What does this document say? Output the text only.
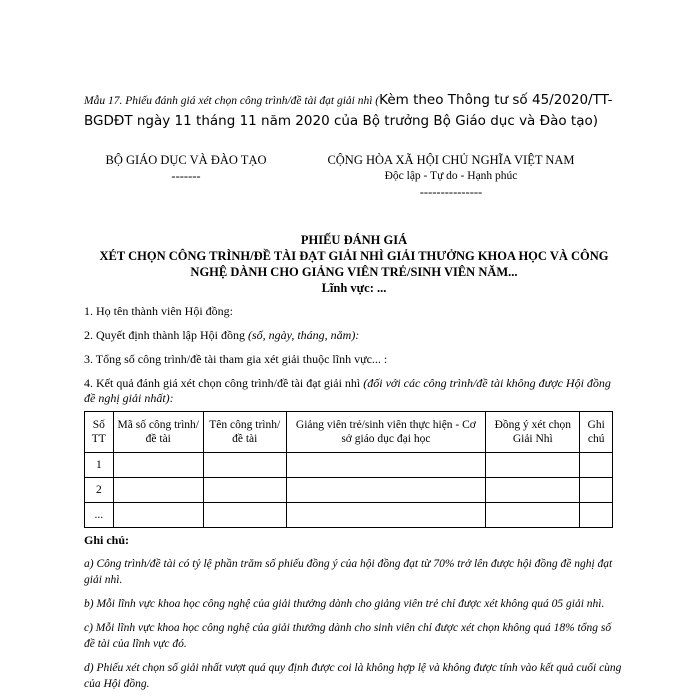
Mẫu 17. Phiếu đánh giá xét chọn công trình/đề tài đạt giải nhì (Kèm theo Thông tư số 45/2020/TT-BGDĐT ngày 11 tháng 11 năm 2020 của Bộ trưởng Bộ Giáo dục và Đào tạo)
BỘ GIÁO DỤC VÀ ĐÀO TẠO
-------
CỘNG HÒA XÃ HỘI CHỦ NGHĨA VIỆT NAM
Độc lập - Tự do - Hạnh phúc
---------------
PHIẾU ĐÁNH GIÁ
XÉT CHỌN CÔNG TRÌNH/ĐỀ TÀI ĐẠT GIẢI NHÌ GIẢI THƯỞNG KHOA HỌC VÀ CÔNG NGHỆ DÀNH CHO GIẢNG VIÊN TRẺ/SINH VIÊN NĂM...
Lĩnh vực: ...
1. Họ tên thành viên Hội đồng:
2. Quyết định thành lập Hội đồng (số, ngày, tháng, năm):
3. Tổng số công trình/đề tài tham gia xét giải thuộc lĩnh vực... :
4. Kết quả đánh giá xét chọn công trình/đề tài đạt giải nhì (đối với các công trình/đề tài không được Hội đồng đề nghị giải nhất):
Số TT	Mã số công trình/đề tài	Tên công trình/đề tài	Giảng viên trẻ/sinh viên thực hiện - Cơ sở giáo dục đại học	Đồng ý xét chọn Giải Nhì	Ghi chú
1					
2					
...					
Ghi chú:

a) Công trình/đề tài có tỷ lệ phần trăm số phiếu đồng ý của hội đồng đạt từ 70% trở lên được hội đồng đề nghị đạt giải nhì.

b) Mỗi lĩnh vực khoa học công nghệ của giải thưởng dành cho giảng viên trẻ chỉ được xét không quá 05 giải nhì.

c) Mỗi lĩnh vực khoa học công nghệ của giải thưởng dành cho sinh viên chỉ được xét chọn không quá 18% tổng số đề tài của lĩnh vực đó.

d) Phiếu xét chọn số giải nhất vượt quá quy định được coi là không hợp lệ và không được tính vào kết quả cuối cùng của Hội đồng.
